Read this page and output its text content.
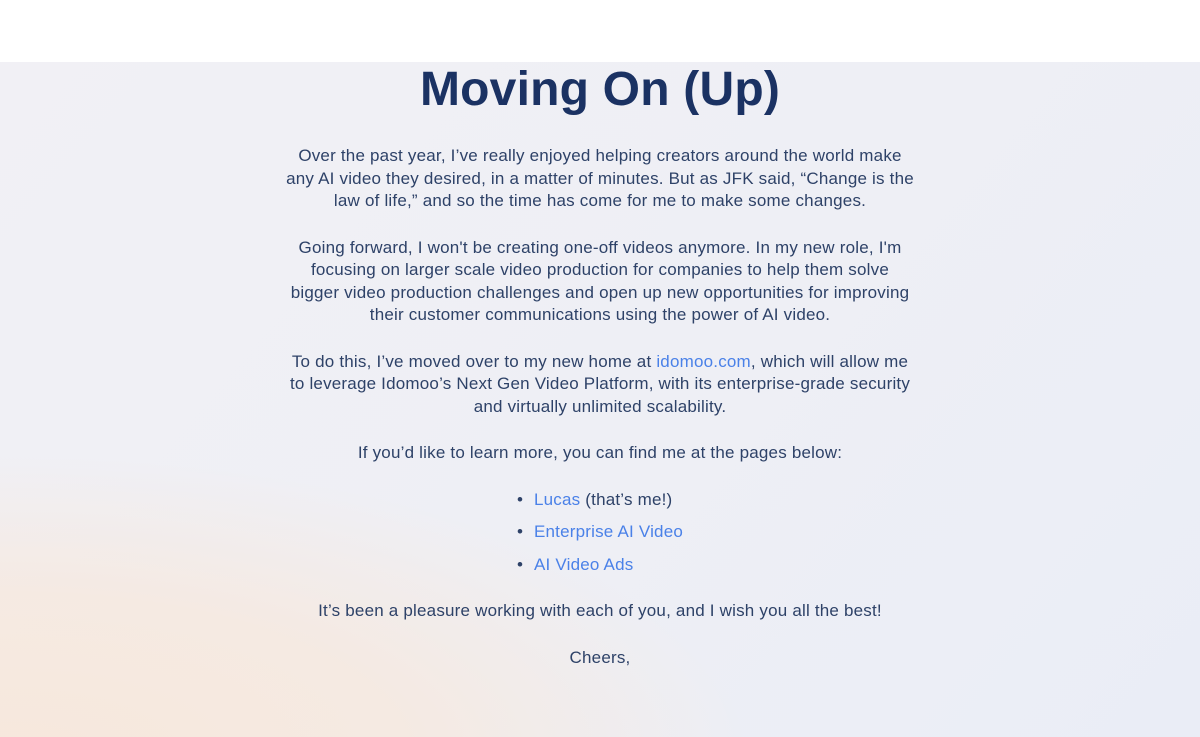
Moving On (Up)

Over the past year, I’ve really enjoyed helping creators around the world make
any AI video they desired, in a matter of minutes. But as JFK said, “Change is the
law of life,” and so the time has come for me to make some changes.

Going forward, I won't be creating one-off videos anymore. In my new role, I'm
focusing on larger scale video production for companies to help them solve
bigger video production challenges and open up new opportunities for improving
their customer communications using the power of AI video.

To do this, I’ve moved over to my new home at idomoo.com, which will allow me
to leverage Idomoo’s Next Gen Video Platform, with its enterprise-grade security
and virtually unlimited scalability.

If you’d like to learn more, you can find me at the pages below:

• Lucas (that’s me!)
• Enterprise AI Video
• AI Video Ads

It’s been a pleasure working with each of you, and I wish you all the best!

Cheers,
